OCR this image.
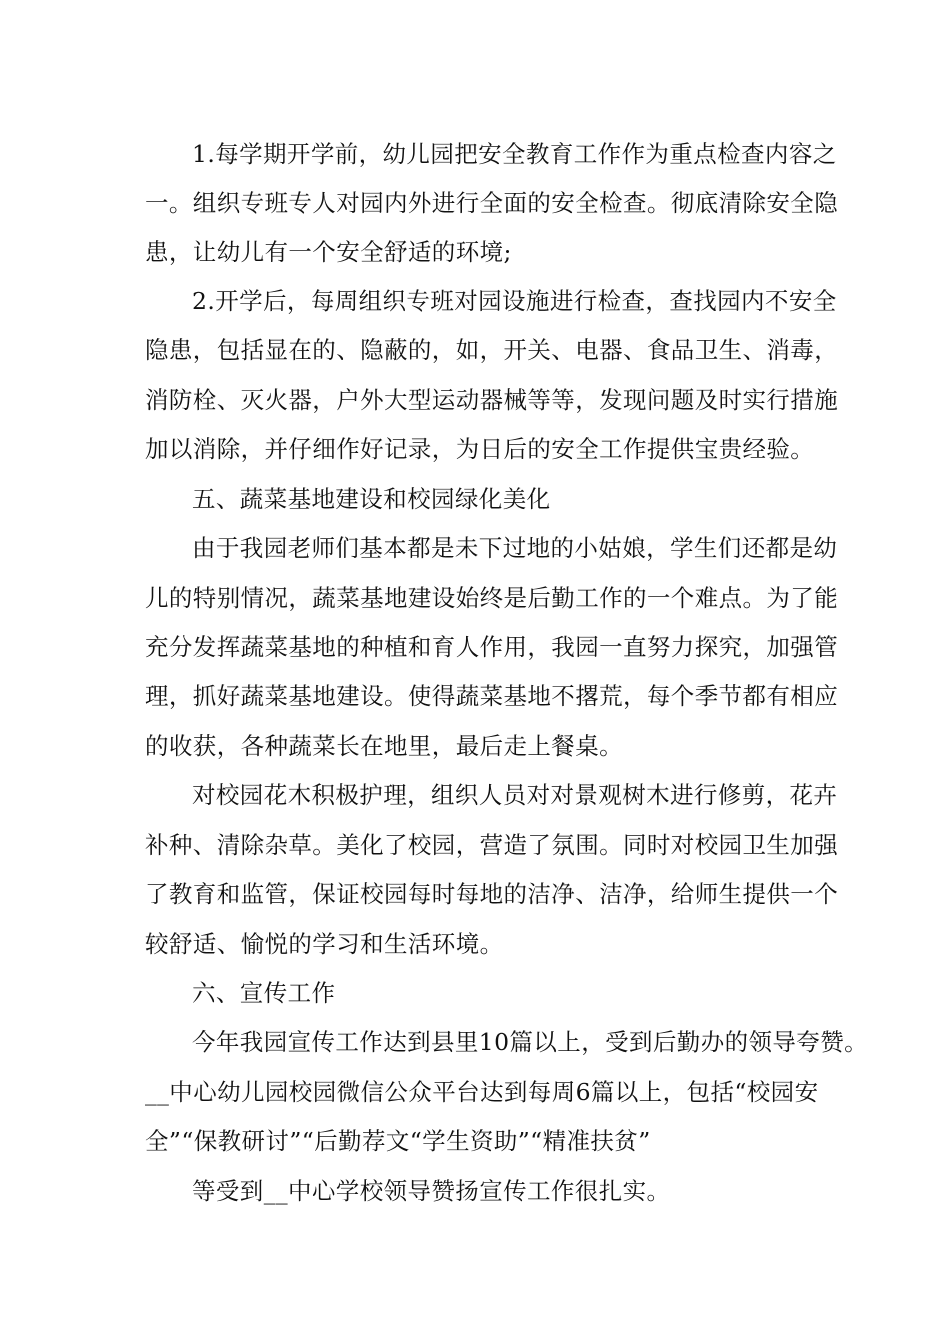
1.每学期开学前，幼儿园把安全教育工作作为重点检查内容之
一。组织专班专人对园内外进行全面的安全检查。彻底清除安全隐
患，让幼儿有一个安全舒适的环境;
2.开学后，每周组织专班对园设施进行检查，查找园内不安全
隐患，包括显在的、隐蔽的，如，开关、电器、食品卫生、消毒，
消防栓、灭火器，户外大型运动器械等等，发现问题及时实行措施
加以消除，并仔细作好记录，为日后的安全工作提供宝贵经验。
五、蔬菜基地建设和校园绿化美化
由于我园老师们基本都是未下过地的小姑娘，学生们还都是幼
儿的特别情况，蔬菜基地建设始终是后勤工作的一个难点。为了能
充分发挥蔬菜基地的种植和育人作用，我园一直努力探究，加强管
理，抓好蔬菜基地建设。使得蔬菜基地不撂荒，每个季节都有相应
的收获，各种蔬菜长在地里，最后走上餐桌。
对校园花木积极护理，组织人员对对景观树木进行修剪，花卉
补种、清除杂草。美化了校园，营造了氛围。同时对校园卫生加强
了教育和监管，保证校园每时每地的洁净、洁净，给师生提供一个
较舒适、愉悦的学习和生活环境。
六、宣传工作
今年我园宣传工作达到县里10篇以上，受到后勤办的领导夸赞。
__中心幼儿园校园微信公众平台达到每周6篇以上，包括“校园安
全”“保教研讨”“后勤荐文“学生资助”“精准扶贫”
等受到__中心学校领导赞扬宣传工作很扎实。
